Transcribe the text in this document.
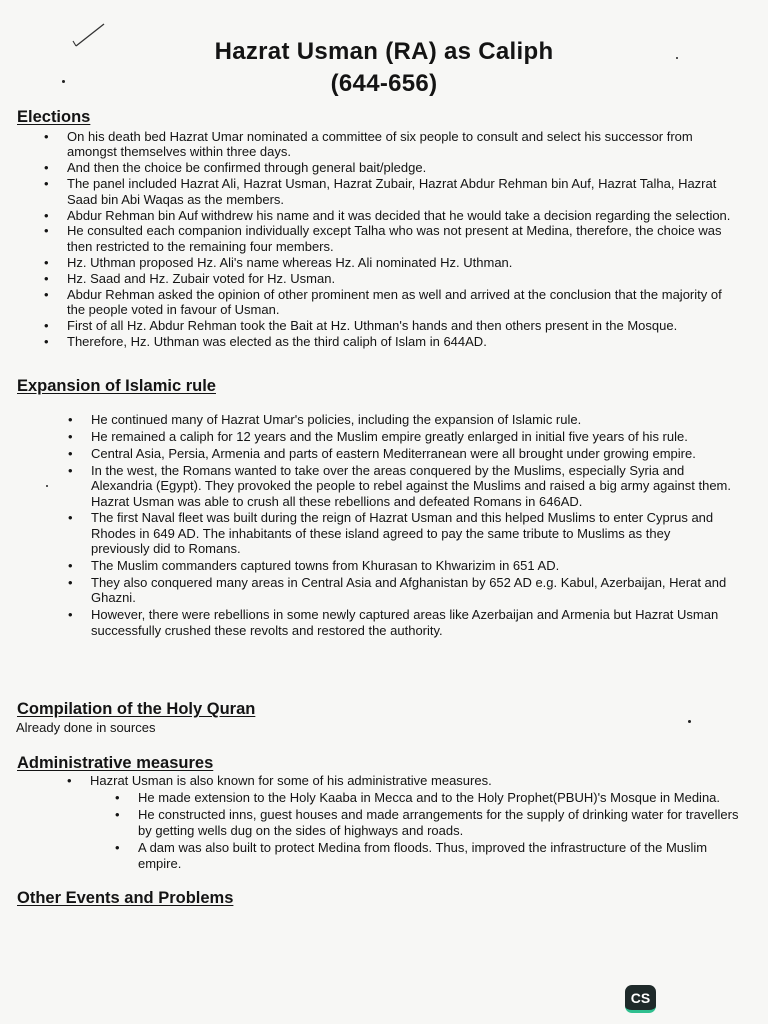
Hazrat Usman (RA) as Caliph
(644-656)
Elections
• On his death bed Hazrat Umar nominated a committee of six people to consult and select his successor from amongst themselves within three days.
• And then the choice be confirmed through general bait/pledge.
• The panel included Hazrat Ali, Hazrat Usman, Hazrat Zubair, Hazrat Abdur Rehman bin Auf, Hazrat Talha, Hazrat Saad bin Abi Waqas as the members.
• Abdur Rehman bin Auf withdrew his name and it was decided that he would take a decision regarding the selection.
• He consulted each companion individually except Talha who was not present at Medina, therefore, the choice was then restricted to the remaining four members.
• Hz. Uthman proposed Hz. Ali's name whereas Hz. Ali nominated Hz. Uthman.
• Hz. Saad and Hz. Zubair voted for Hz. Usman.
• Abdur Rehman asked the opinion of other prominent men as well and arrived at the conclusion that the majority of the people voted in favour of Usman.
• First of all Hz. Abdur Rehman took the Bait at Hz. Uthman's hands and then others present in the Mosque.
• Therefore, Hz. Uthman was elected as the third caliph of Islam in 644AD.
Expansion of Islamic rule
• He continued many of Hazrat Umar's policies, including the expansion of Islamic rule.
• He remained a caliph for 12 years and the Muslim empire greatly enlarged in initial five years of his rule.
• Central Asia, Persia, Armenia and parts of eastern Mediterranean were all brought under growing empire.
• In the west, the Romans wanted to take over the areas conquered by the Muslims, especially Syria and Alexandria (Egypt). They provoked the people to rebel against the Muslims and raised a big army against them. Hazrat Usman was able to crush all these rebellions and defeated Romans in 646AD.
• The first Naval fleet was built during the reign of Hazrat Usman and this helped Muslims to enter Cyprus and Rhodes in 649 AD. The inhabitants of these island agreed to pay the same tribute to Muslims as they previously did to Romans.
• The Muslim commanders captured towns from Khurasan to Khwarizim in 651 AD.
• They also conquered many areas in Central Asia and Afghanistan by 652 AD e.g. Kabul, Azerbaijan, Herat and Ghazni.
• However, there were rebellions in some newly captured areas like Azerbaijan and Armenia but Hazrat Usman successfully crushed these revolts and restored the authority.
Compilation of the Holy Quran

Already done in sources

Administrative measures
• Hazrat Usman is also known for some of his administrative measures.
• He made extension to the Holy Kaaba in Mecca and to the Holy Prophet(PBUH)'s Mosque in Medina.
• He constructed inns, guest houses and made arrangements for the supply of drinking water for travellers by getting wells dug on the sides of highways and roads.
• A dam was also built to protect Medina from floods. Thus, improved the infrastructure of the Muslim empire.
Other Events and Problems
CS
